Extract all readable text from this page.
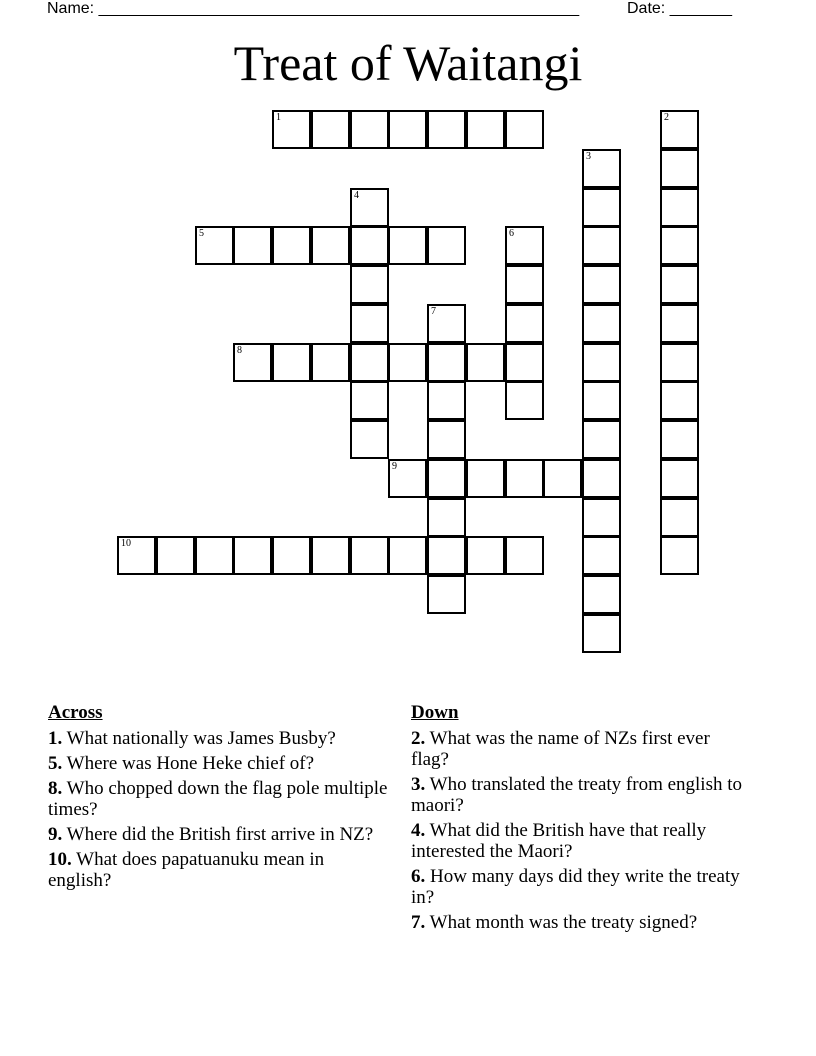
Name: ______________________________________________________	Date: _______
Treat of Waitangi
1	2
3
4
5	6
7
8
9
10
Across
1. What nationally was James Busby?
5. Where was Hone Heke chief of?
8. Who chopped down the flag pole multiple times?
9. Where did the British first arrive in NZ?
10. What does papatuanuku mean in english?
Down
2. What was the name of NZs first ever flag?
3. Who translated the treaty from english to maori?
4. What did the British have that really interested the Maori?
6. How many days did they write the treaty in?
7. What month was the treaty signed?
